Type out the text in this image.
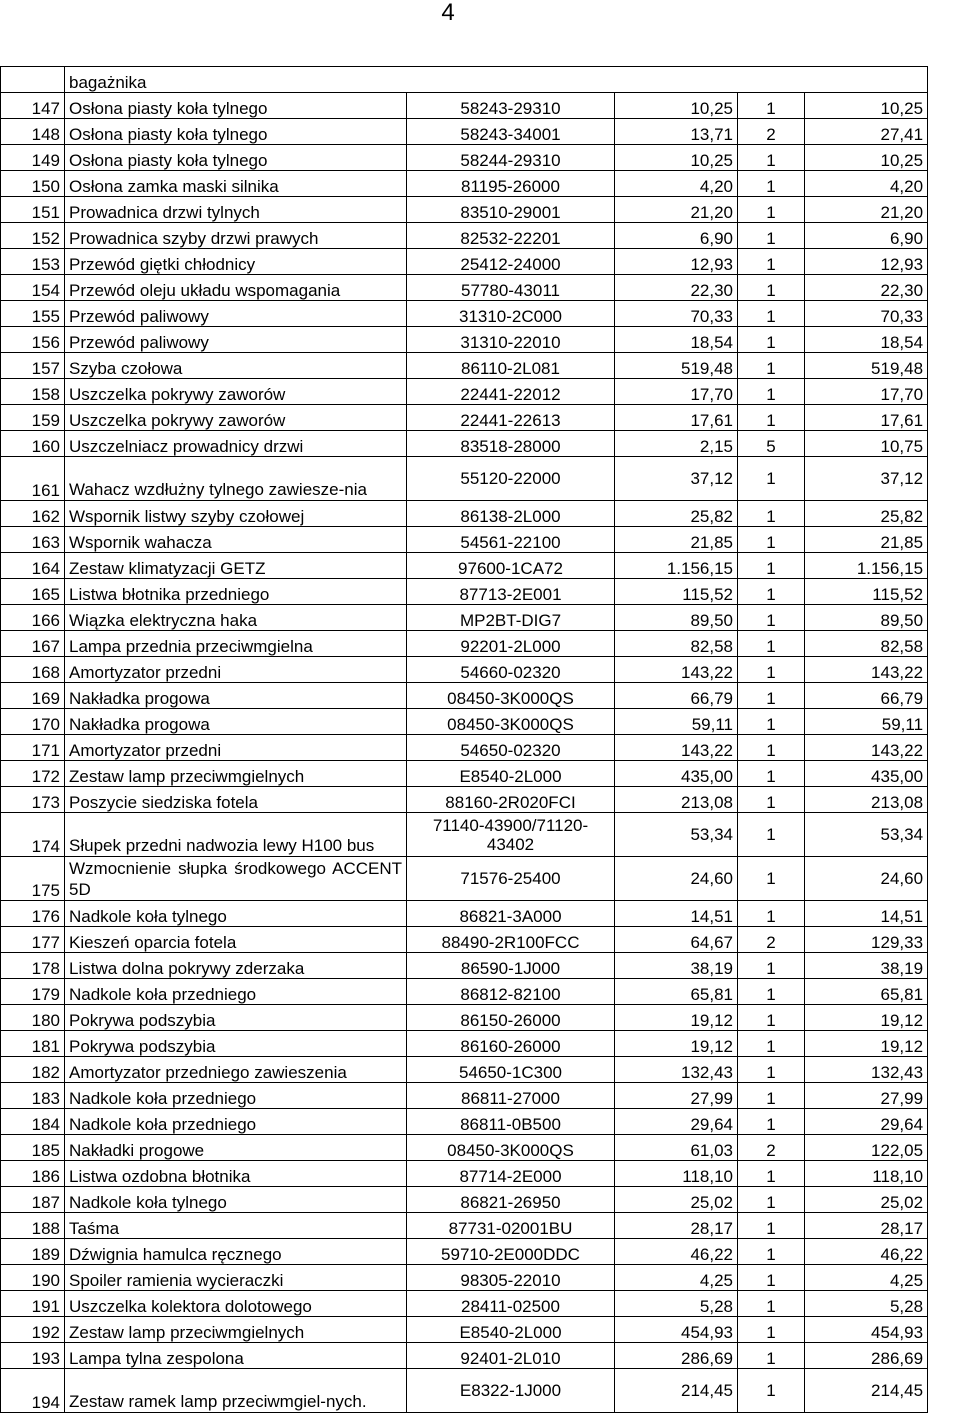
4
	bagażnika				
147	Osłona piasty koła tylnego	58243-29310	10,25	1	10,25
148	Osłona piasty koła tylnego	58243-34001	13,71	2	27,41
149	Osłona piasty koła tylnego	58244-29310	10,25	1	10,25
150	Osłona zamka maski silnika	81195-26000	4,20	1	4,20
151	Prowadnica drzwi tylnych	83510-29001	21,20	1	21,20
152	Prowadnica szyby drzwi prawych	82532-22201	6,90	1	6,90
153	Przewód giętki chłodnicy	25412-24000	12,93	1	12,93
154	Przewód oleju układu wspomagania	57780-43011	22,30	1	22,30
155	Przewód paliwowy	31310-2C000	70,33	1	70,33
156	Przewód paliwowy	31310-22010	18,54	1	18,54
157	Szyba czołowa	86110-2L081	519,48	1	519,48
158	Uszczelka pokrywy zaworów	22441-22012	17,70	1	17,70
159	Uszczelka pokrywy zaworów	22441-22613	17,61	1	17,61
160	Uszczelniacz prowadnicy drzwi	83518-28000	2,15	5	10,75
161	Wahacz wzdłużny tylnego zawiesze-nia	55120-22000	37,12	1	37,12
162	Wspornik listwy szyby czołowej	86138-2L000	25,82	1	25,82
163	Wspornik wahacza	54561-22100	21,85	1	21,85
164	Zestaw klimatyzacji GETZ	97600-1CA72	1.156,15	1	1.156,15
165	Listwa błotnika przedniego	87713-2E001	115,52	1	115,52
166	Wiązka elektryczna haka	MP2BT-DIG7	89,50	1	89,50
167	Lampa przednia przeciwmgielna	92201-2L000	82,58	1	82,58
168	Amortyzator przedni	54660-02320	143,22	1	143,22
169	Nakładka progowa	08450-3K000QS	66,79	1	66,79
170	Nakładka progowa	08450-3K000QS	59,11	1	59,11
171	Amortyzator przedni	54650-02320	143,22	1	143,22
172	Zestaw lamp przeciwmgielnych	E8540-2L000	435,00	1	435,00
173	Poszycie siedziska fotela	88160-2R020FCI	213,08	1	213,08
174	Słupek przedni nadwozia lewy H100 bus	71140-43900/71120-43402	53,34	1	53,34
175	Wzmocnienie słupka środkowego ACCENT 5D	71576-25400	24,60	1	24,60
176	Nadkole koła tylnego	86821-3A000	14,51	1	14,51
177	Kieszeń oparcia fotela	88490-2R100FCC	64,67	2	129,33
178	Listwa dolna pokrywy zderzaka	86590-1J000	38,19	1	38,19
179	Nadkole koła przedniego	86812-82100	65,81	1	65,81
180	Pokrywa podszybia	86150-26000	19,12	1	19,12
181	Pokrywa podszybia	86160-26000	19,12	1	19,12
182	Amortyzator przedniego zawieszenia	54650-1C300	132,43	1	132,43
183	Nadkole koła przedniego	86811-27000	27,99	1	27,99
184	Nadkole koła przedniego	86811-0B500	29,64	1	29,64
185	Nakładki progowe	08450-3K000QS	61,03	2	122,05
186	Listwa ozdobna błotnika	87714-2E000	118,10	1	118,10
187	Nadkole koła tylnego	86821-26950	25,02	1	25,02
188	Taśma	87731-02001BU	28,17	1	28,17
189	Dźwignia hamulca ręcznego	59710-2E000DDC	46,22	1	46,22
190	Spoiler ramienia wycieraczki	98305-22010	4,25	1	4,25
191	Uszczelka kolektora dolotowego	28411-02500	5,28	1	5,28
192	Zestaw lamp przeciwmgielnych	E8540-2L000	454,93	1	454,93
193	Lampa tylna zespolona	92401-2L010	286,69	1	286,69
194	Zestaw ramek lamp przeciwmgiel-nych.	E8322-1J000	214,45	1	214,45
